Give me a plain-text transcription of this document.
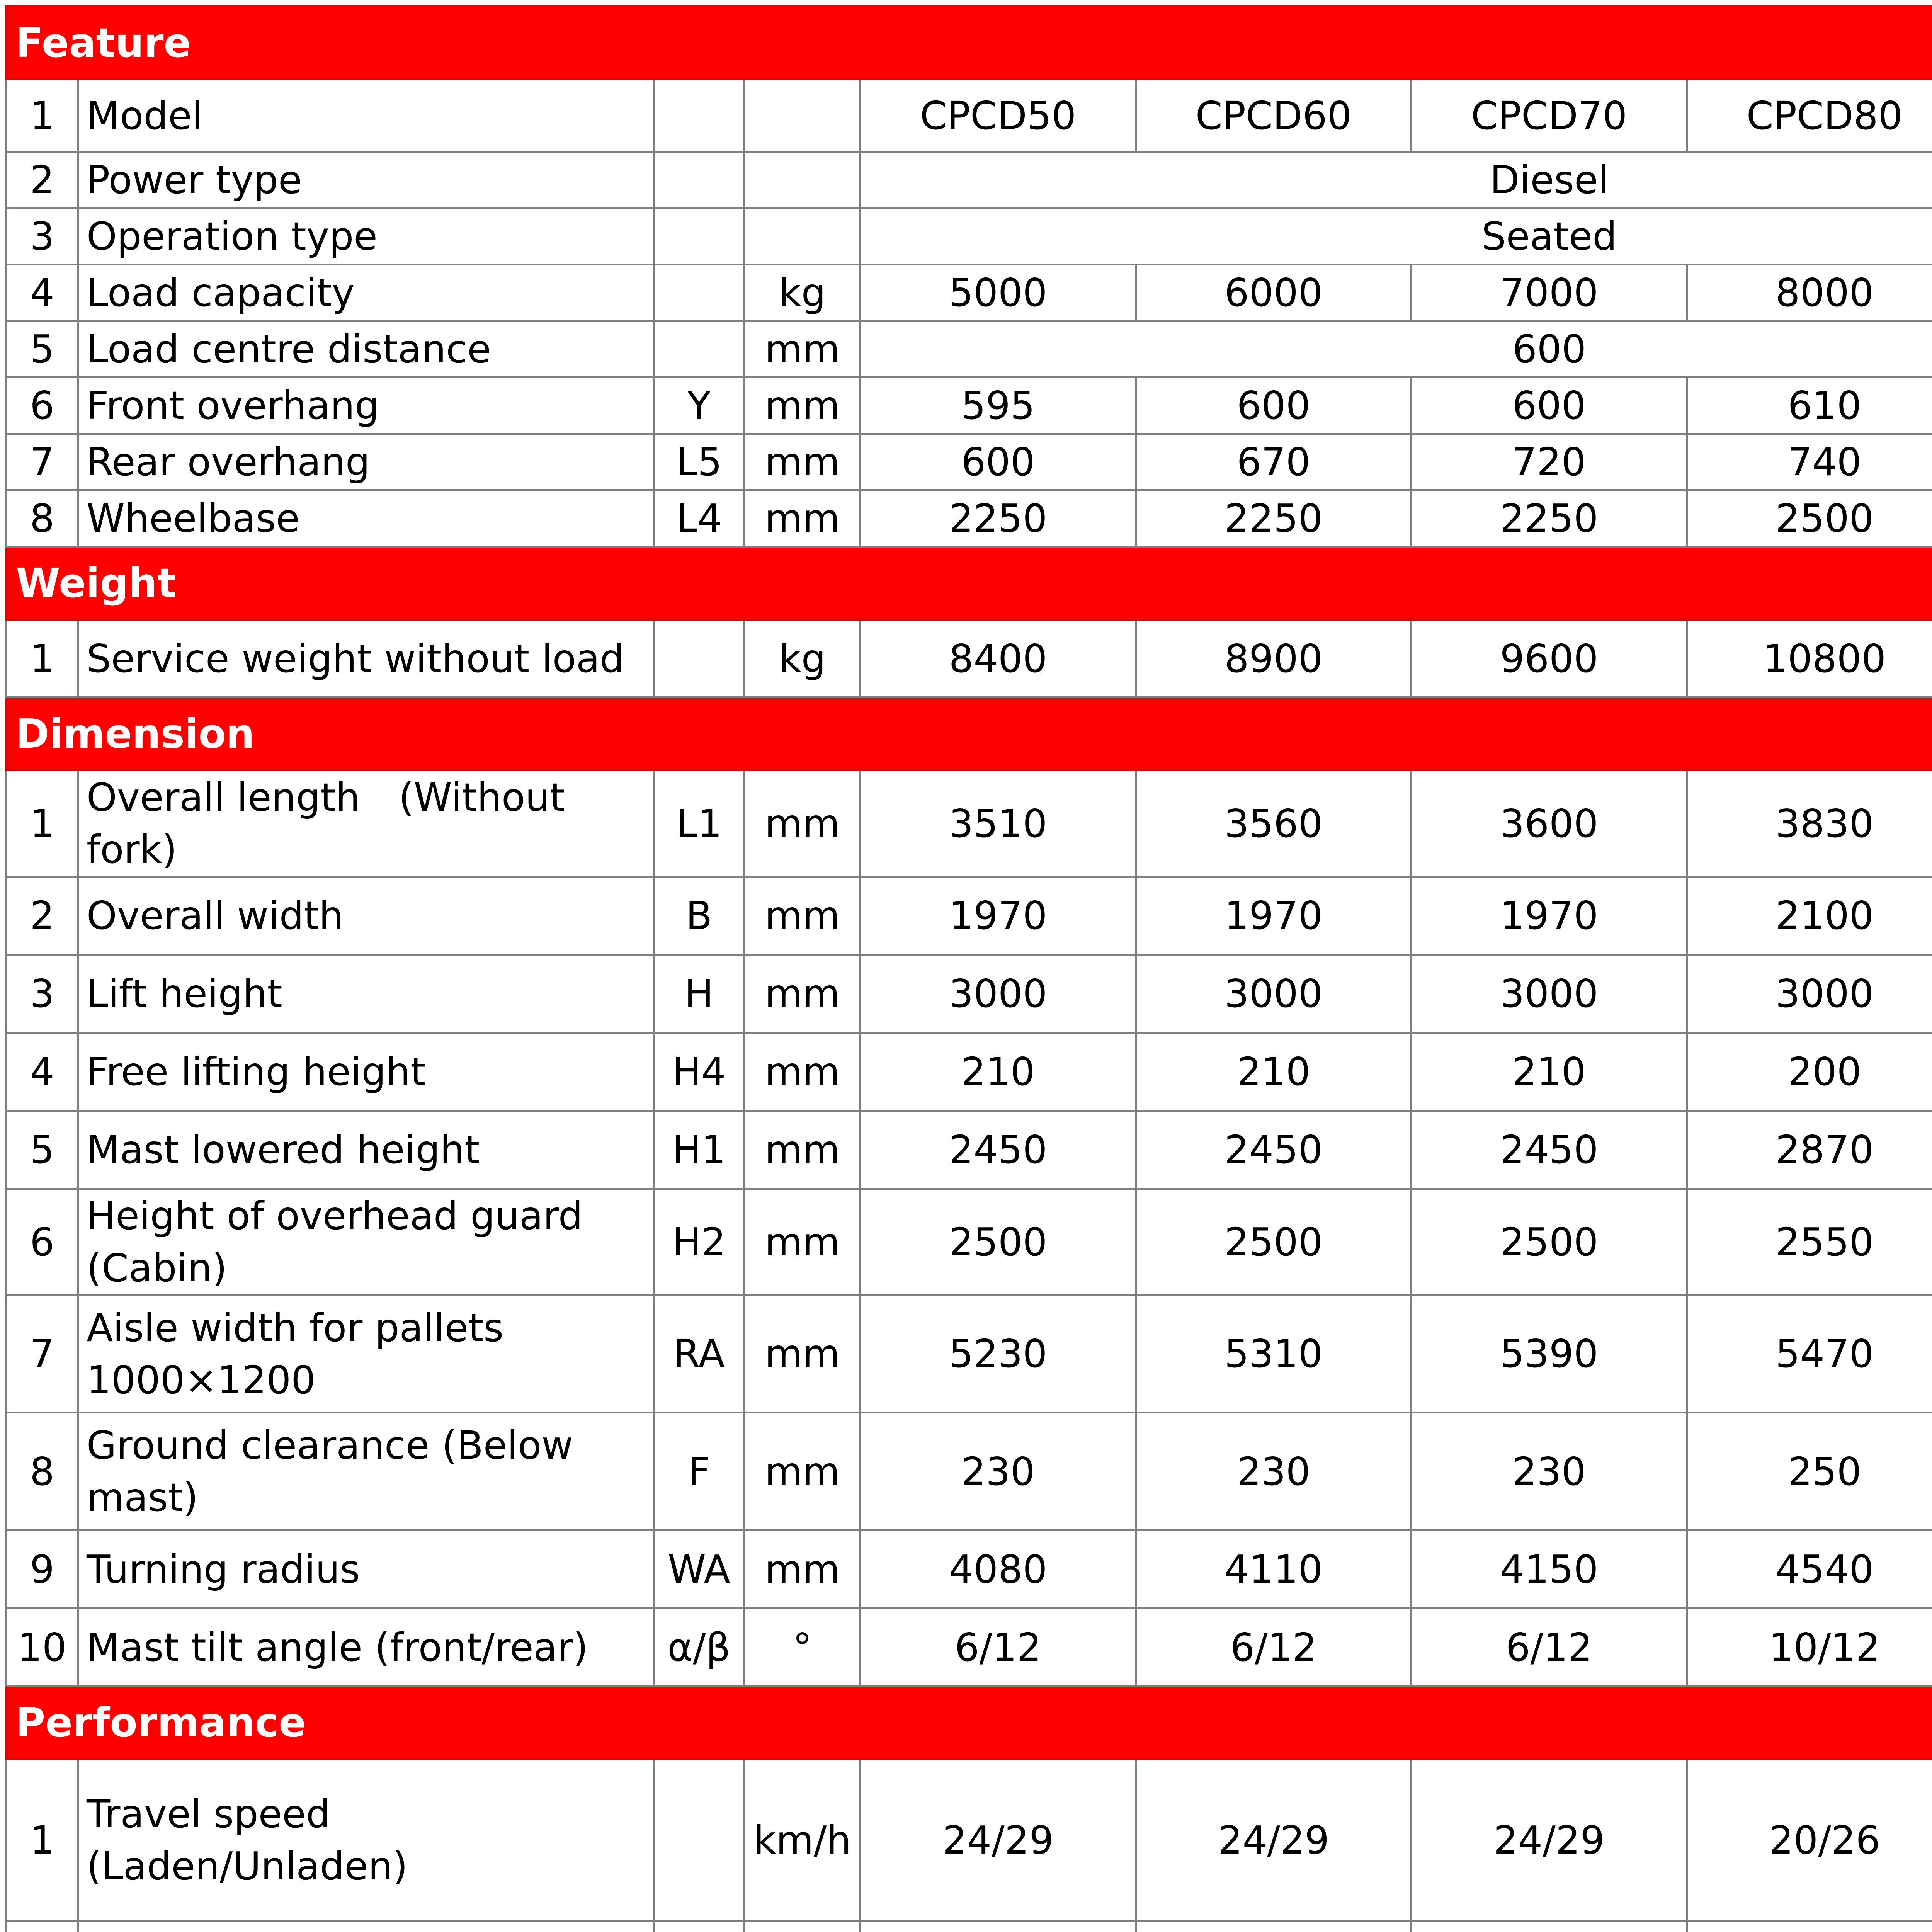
Feature								
1	Model			CPCD50	CPCD60	CPCD70	CPCD80	
2	Power type			Diesel				
3	Operation type			Seated				
4	Load capacity		kg	5000	6000	7000	8000	
5	Load centre distance		mm	600				
6	Front overhang	Y	mm	595	600	600	610	
7	Rear overhang	L5	mm	600	670	720	740	
8	Wheelbase	L4	mm	2250	2250	2250	2500	
Weight								
1	Service weight without load		kg	8400	8900	9600	10800	
Dimension								
1	Overall length　(Without fork)	L1	mm	3510	3560	3600	3830	
2	Overall width	B	mm	1970	1970	1970	2100	
3	Lift height	H	mm	3000	3000	3000	3000	
4	Free lifting height	H4	mm	210	210	210	200	
5	Mast lowered height	H1	mm	2450	2450	2450	2870	
6	Height of overhead guard (Cabin)	H2	mm	2500	2500	2500	2550	
7	Aisle width for pallets 1000×1200	RA	mm	5230	5310	5390	5470	
8	Ground clearance (Below mast)	F	mm	230	230	230	250	
9	Turning radius	WA	mm	4080	4110	4150	4540	
10	Mast tilt angle (front/rear)	α/β	°	6/12	6/12	6/12	10/12	
Performance								
1	Travel speed (Laden/Unladen)		km/h	24/29	24/29	24/29	20/26	
